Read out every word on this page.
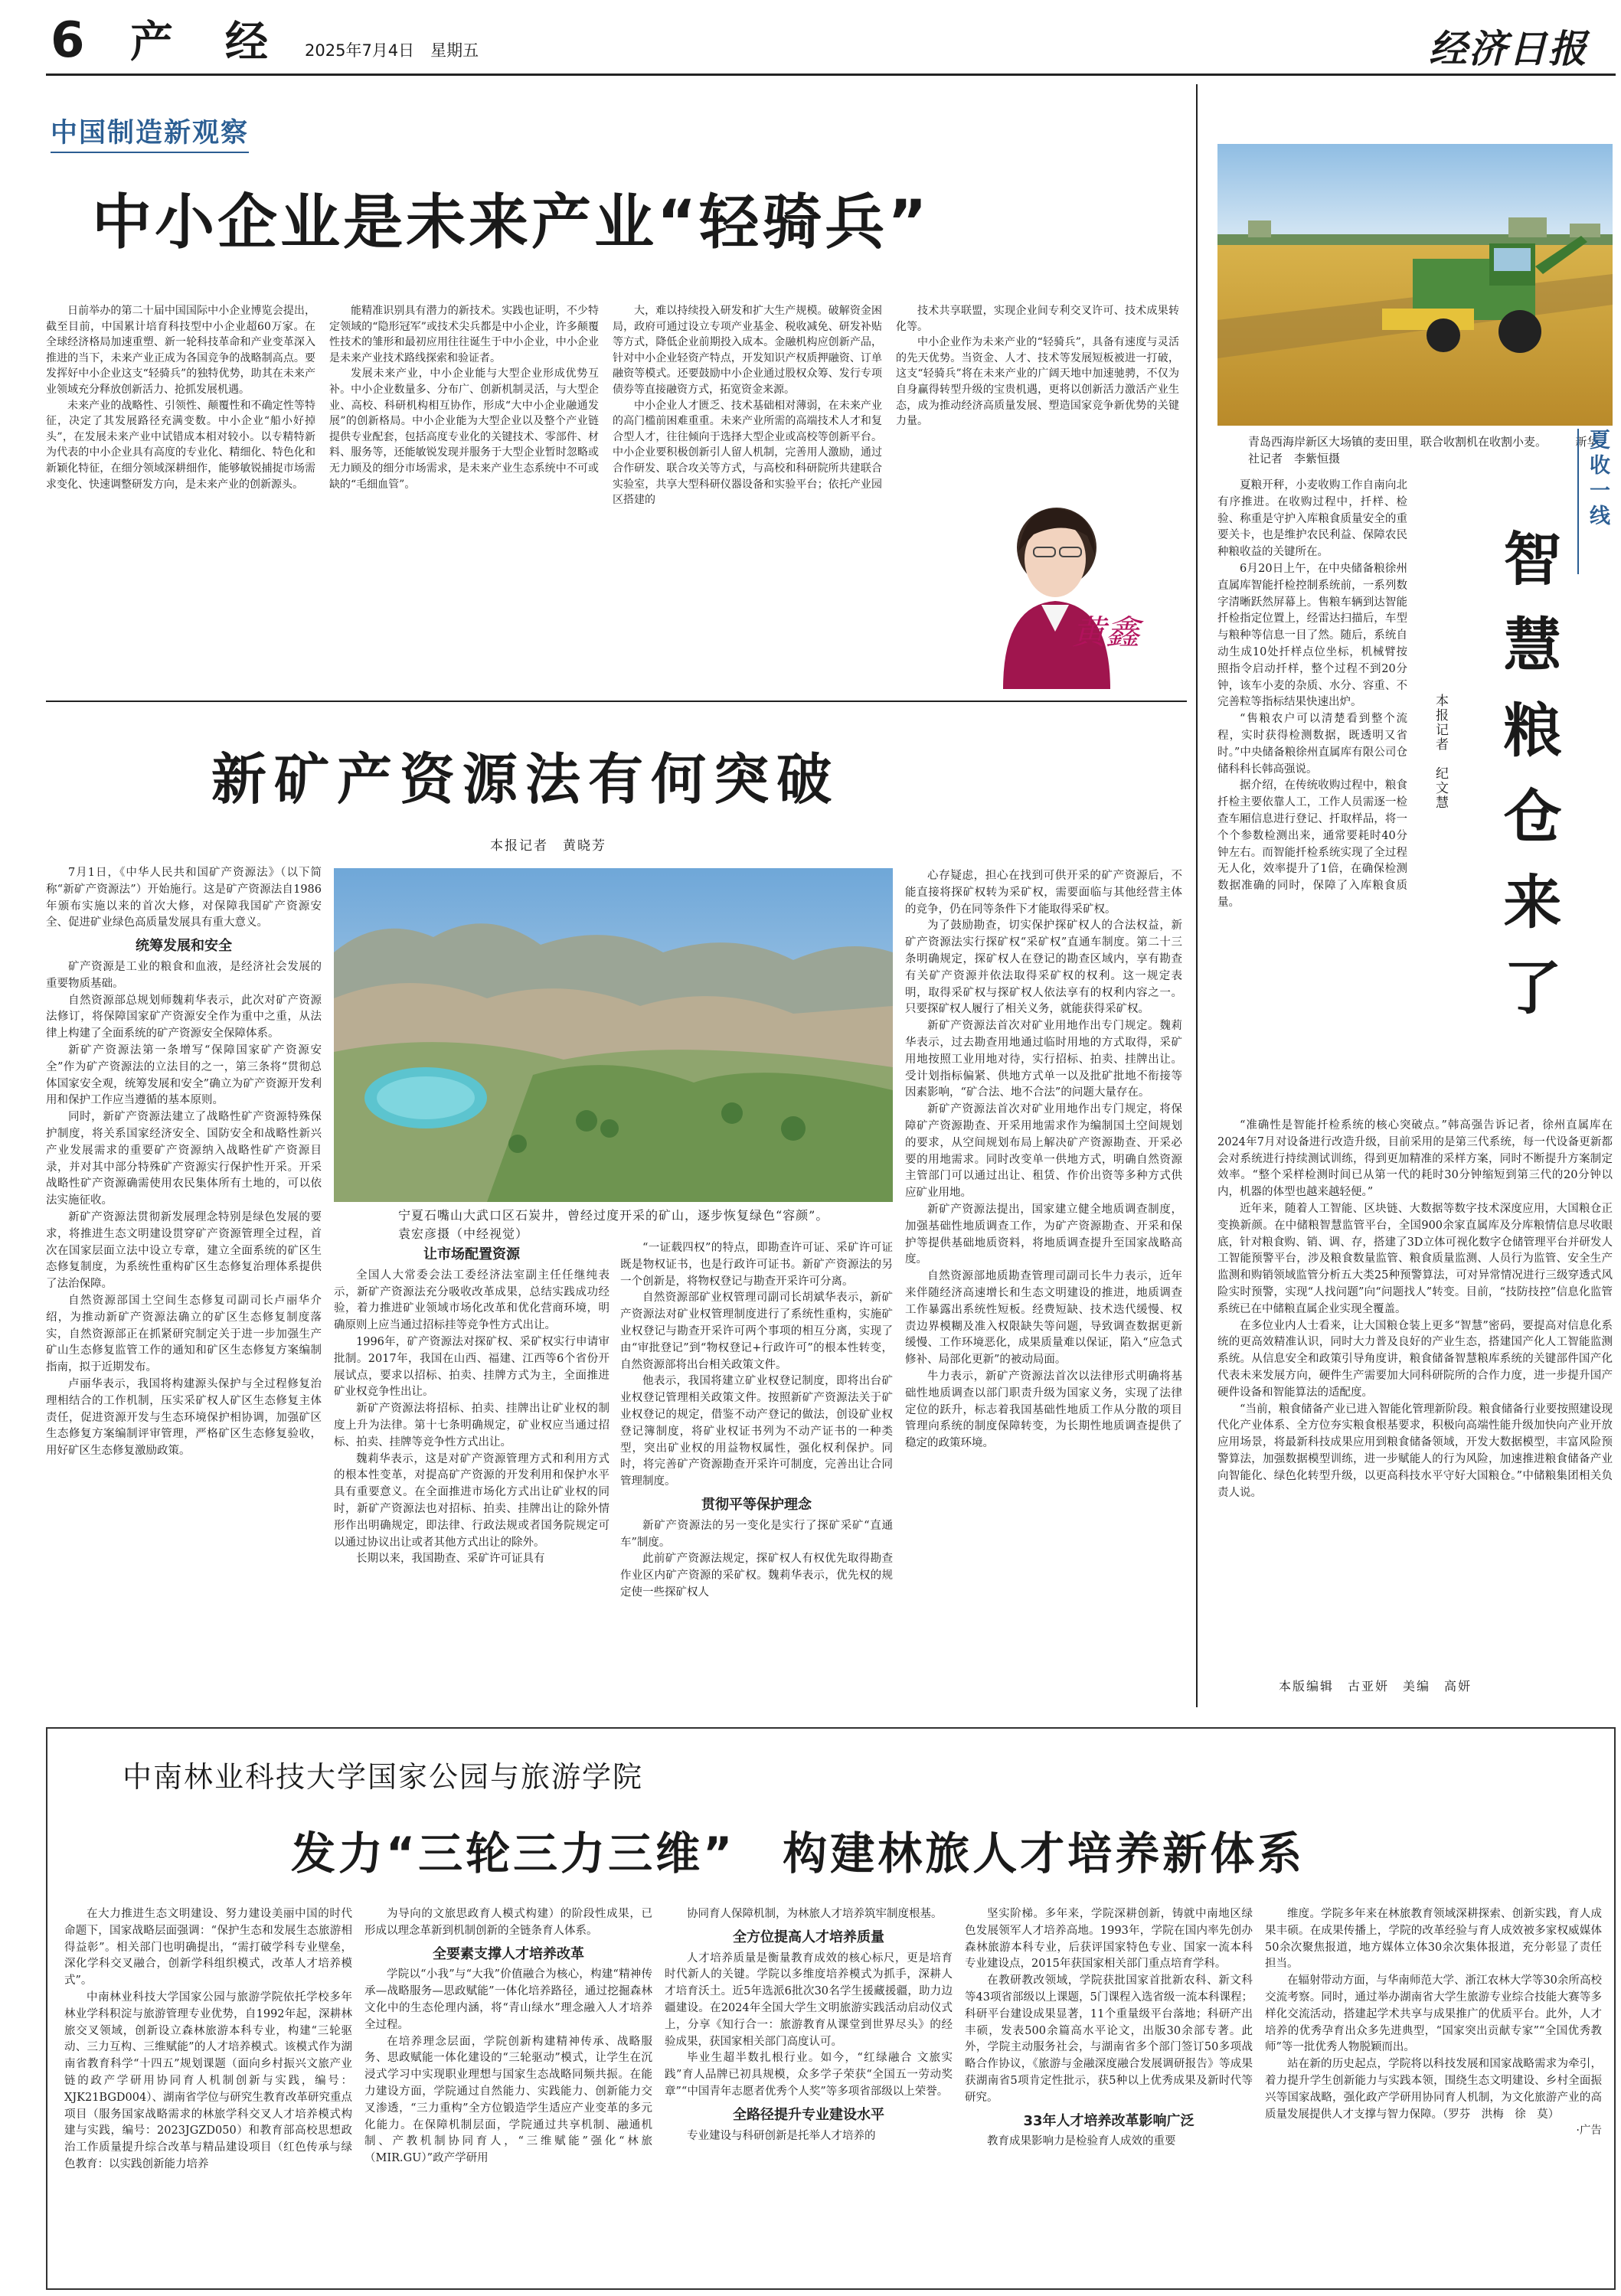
6 产　经 2025年7月4日　星期五	经济日报
中国制造新观察
中小企业是未来产业“轻骑兵”

日前举办的第二十届中国国际中小企业博览会提出，截至目前，中国累计培育科技型中小企业超60万家。在全球经济格局加速重塑、新一轮科技革命和产业变革深入推进的当下，未来产业正成为各国竞争的战略制高点。要发挥好中小企业这支“轻骑兵”的独特优势，助其在未来产业领域充分释放创新活力、抢抓发展机遇。

未来产业的战略性、引领性、颠覆性和不确定性等特征，决定了其发展路径充满变数。中小企业“船小好掉头”，在发展未来产业中试错成本相对较小。以专精特新为代表的中小企业具有高度的专业化、精细化、特色化和新颖化特征，在细分领域深耕细作，能够敏锐捕捉市场需求变化、快速调整研发方向，是未来产业的创新源头。

能精准识别具有潜力的新技术。实践也证明，不少特定领域的“隐形冠军”或技术尖兵都是中小企业，许多颠覆性技术的雏形和最初应用往往诞生于中小企业，中小企业是未来产业技术路线探索和验证者。

发展未来产业，中小企业能与大型企业形成优势互补。中小企业数量多、分布广、创新机制灵活，与大型企业、高校、科研机构相互协作，形成“大中小企业融通发展”的创新格局。中小企业能为大型企业以及整个产业链提供专业配套，包括高度专业化的关键技术、零部件、材料、服务等，还能敏锐发现并服务于大型企业暂时忽略或无力顾及的细分市场需求，是未来产业生态系统中不可或缺的“毛细血管”。

大，难以持续投入研发和扩大生产规模。破解资金困局，政府可通过设立专项产业基金、税收减免、研发补贴等方式，降低企业前期投入成本。金融机构应创新产品，针对中小企业轻资产特点，开发知识产权质押融资、订单融资等模式。还要鼓励中小企业通过股权众筹、发行专项债券等直接融资方式，拓宽资金来源。

中小企业人才匮乏、技术基础相对薄弱，在未来产业的高门槛前困难重重。未来产业所需的高端技术人才和复合型人才，往往倾向于选择大型企业或高校等创新平台。中小企业要积极创新引人留人机制，完善用人激励，通过合作研发、联合攻关等方式，与高校和科研院所共建联合实验室，共享大型科研仪器设备和实验平台；依托产业园区搭建的

技术共享联盟，实现企业间专利交叉许可、技术成果转化等。

中小企业作为未来产业的“轻骑兵”，具备有速度与灵活的先天优势。当资金、人才、技术等发展短板被进一打破，这支“轻骑兵”将在未来产业的广阔天地中加速驰骋，不仅为自身赢得转型升级的宝贵机遇，更将以创新活力激活产业生态，成为推动经济高质量发展、塑造国家竞争新优势的关键力量。

黄鑫
青岛西海岸新区大场镇的麦田里，联合收割机在收割小麦。　　　新华社记者　李紫恒摄	夏收一线
智慧粮仓来了
本报记者　纪文慧

夏粮开秤，小麦收购工作自南向北有序推进。在收购过程中，扦样、检验、称重是守护入库粮食质量安全的重要关卡，也是维护农民利益、保障农民种粮收益的关键所在。

6月20日上午，在中央储备粮徐州直属库智能扦检控制系统前，一系列数字清晰跃然屏幕上。售粮车辆到达智能扦检指定位置上，经雷达扫描后，车型与粮种等信息一目了然。随后，系统自动生成10处扦样点位坐标，机械臂按照指令启动扦样，整个过程不到20分钟，该车小麦的杂质、水分、容重、不完善粒等指标结果快速出炉。

“售粮农户可以清楚看到整个流程，实时获得检测数据，既透明又省时。”中央储备粮徐州直属库有限公司仓储科科长韩高强说。

据介绍，在传统收购过程中，粮食扦检主要依靠人工，工作人员需逐一检查车厢信息进行登记、扦取样品，将一个个参数检测出来，通常要耗时40分钟左右。而智能扦检系统实现了全过程无人化，效率提升了1倍，在确保检测数据准确的同时，保障了入库粮食质量。

“准确性是智能扦检系统的核心突破点。”韩高强告诉记者，徐州直属库在2024年7月对设备进行改造升级，目前采用的是第三代系统，每一代设备更新都会对系统进行持续测试训练，得到更加精准的采样方案，同时不断提升方案制定效率。“整个采样检测时间已从第一代的耗时30分钟缩短到第三代的20分钟以内，机器的体型也越来越轻便。”

近年来，随着人工智能、区块链、大数据等数字技术深度应用，大国粮仓正变换新颜。在中储粮智慧监管平台，全国900余家直属库及分库粮情信息尽收眼底，针对粮食购、销、调、存，搭建了3D立体可视化数字仓储管理平台并研发人工智能预警平台，涉及粮食数量监管、粮食质量监测、人员行为监管、安全生产监测和购销领域监管分析五大类25种预警算法，可对异常情况进行三级穿透式风险实时预警，实现“人找问题”向“问题找人”转变。目前，“技防技控”信息化监管系统已在中储粮直属企业实现全覆盖。

在多位业内人士看来，让大国粮仓装上更多“智慧”密码，要提高对信息化系统的更高效精准认识，同时大力普及良好的产业生态，搭建国产化人工智能监测系统。从信息安全和政策引导角度讲，粮食储备智慧粮库系统的关键部件国产化代表未来发展方向，硬件生产需要加大同科研院所的合作力度，进一步提升国产硬件设备和智能算法的适配度。

“当前，粮食储备产业已进入智能化管理新阶段。粮食储备行业要按照建设现代化产业体系、全方位夯实粮食根基要求，积极向高端性能升级加快向产业开放应用场景，将最新科技成果应用到粮食储备领域，开发大数据模型，丰富风险预警算法，加强数据模型训练，进一步赋能人的行为风险，加速推进粮食储备产业向智能化、绿色化转型升级，以更高科技水平守好大国粮仓。”中储粮集团相关负责人说。

本版编辑　古亚妍　美编　高妍
新矿产资源法有何突破
本报记者　黄晓芳

7月1日，《中华人民共和国矿产资源法》（以下简称“新矿产资源法”）开始施行。这是矿产资源法自1986年颁布实施以来的首次大修，对保障我国矿产资源安全、促进矿业绿色高质量发展具有重大意义。

统筹发展和安全

矿产资源是工业的粮食和血液，是经济社会发展的重要物质基础。

自然资源部总规划师魏莉华表示，此次对矿产资源法修订，将保障国家矿产资源安全作为重中之重，从法律上构建了全面系统的矿产资源安全保障体系。

新矿产资源法第一条增写“保障国家矿产资源安全”作为矿产资源法的立法目的之一，第三条将“贯彻总体国家安全观，统筹发展和安全”确立为矿产资源开发利用和保护工作应当遵循的基本原则。

同时，新矿产资源法建立了战略性矿产资源特殊保护制度，将关系国家经济安全、国防安全和战略性新兴产业发展需求的重要矿产资源纳入战略性矿产资源目录，并对其中部分特殊矿产资源实行保护性开采。开采战略性矿产资源确需使用农民集体所有土地的，可以依法实施征收。

新矿产资源法贯彻新发展理念特别是绿色发展的要求，将推进生态文明建设贯穿矿产资源管理全过程，首次在国家层面立法中设立专章，建立全面系统的矿区生态修复制度，为系统性重构矿区生态修复治理体系提供了法治保障。

自然资源部国土空间生态修复司副司长卢丽华介绍，为推动新矿产资源法确立的矿区生态修复制度落实，自然资源部正在抓紧研究制定关于进一步加强生产矿山生态修复监管工作的通知和矿区生态修复方案编制指南，拟于近期发布。

卢丽华表示，我国将构建源头保护与全过程修复治理相结合的工作机制，压实采矿权人矿区生态修复主体责任，促进资源开发与生态环境保护相协调，加强矿区生态修复方案编制评审管理，严格矿区生态修复验收，用好矿区生态修复激励政策。

宁夏石嘴山大武口区石炭井，曾经过度开采的矿山，逐步恢复绿色“容颜”。　　袁宏彦摄（中经视觉）
让市场配置资源

全国人大常委会法工委经济法室副主任任继纯表示，新矿产资源法充分吸收改革成果，总结实践成功经验，着力推进矿业领域市场化改革和优化营商环境，明确原则上应当通过招标挂等竞争性方式出让。

1996年，矿产资源法对探矿权、采矿权实行申请审批制。2017年，我国在山西、福建、江西等6个省份开展试点，要求以招标、拍卖、挂牌方式为主，全面推进矿业权竞争性出让。

新矿产资源法将招标、拍卖、挂牌出让矿业权的制度上升为法律。第十七条明确规定，矿业权应当通过招标、拍卖、挂牌等竞争性方式出让。

魏莉华表示，这是对矿产资源管理方式和利用方式的根本性变革，对提高矿产资源的开发利用和保护水平具有重要意义。在全面推进市场化方式出让矿业权的同时，新矿产资源法也对招标、拍卖、挂牌出让的除外情形作出明确规定，即法律、行政法规或者国务院规定可以通过协议出让或者其他方式出让的除外。

长期以来，我国勘查、采矿许可证具有

“一证载四权”的特点，即勘查许可证、采矿许可证既是物权证书，也是行政许可证书。新矿产资源法的另一个创新是，将物权登记与勘查开采许可分离。

自然资源部矿业权管理司副司长胡斌华表示，新矿产资源法对矿业权管理制度进行了系统性重构，实施矿业权登记与勘查开采许可两个事项的相互分离，实现了由“审批登记”到“物权登记+行政许可”的根本性转变，自然资源部将出台相关政策文件。

他表示，我国将建立矿业权登记制度，即将出台矿业权登记管理相关政策文件。按照新矿产资源法关于矿业权登记的规定，借鉴不动产登记的做法，创设矿业权登记簿制度，将矿业权证书列为不动产证书的一种类型，突出矿业权的用益物权属性，强化权利保护。同时，将完善矿产资源勘查开采许可制度，完善出让合同管理制度。

贯彻平等保护理念

新矿产资源法的另一变化是实行了探矿采矿“直通车”制度。

此前矿产资源法规定，探矿权人有权优先取得勘查作业区内矿产资源的采矿权。魏莉华表示，优先权的规定使一些探矿权人

心存疑虑，担心在找到可供开采的矿产资源后，不能直接将探矿权转为采矿权，需要面临与其他经营主体的竞争，仍在同等条件下才能取得采矿权。

为了鼓励勘查，切实保护探矿权人的合法权益，新矿产资源法实行探矿权“采矿权”直通车制度。第二十三条明确规定，探矿权人在登记的勘查区域内，享有勘查有关矿产资源并依法取得采矿权的权利。这一规定表明，取得采矿权与探矿权人依法享有的权利内容之一。只要探矿权人履行了相关义务，就能获得采矿权。

新矿产资源法首次对矿业用地作出专门规定。魏莉华表示，过去勘查用地通过临时用地的方式取得，采矿用地按照工业用地对待，实行招标、拍卖、挂牌出让。受计划指标偏紧、供地方式单一以及批矿批地不衔接等因素影响，“矿合法、地不合法”的问题大量存在。

新矿产资源法首次对矿业用地作出专门规定，将保障矿产资源勘查、开采用地需求作为编制国土空间规划的要求，从空间规划布局上解决矿产资源勘查、开采必要的用地需求。同时改变单一供地方式，明确自然资源主管部门可以通过出让、租赁、作价出资等多种方式供应矿业用地。

新矿产资源法提出，国家建立健全地质调查制度，加强基础性地质调查工作，为矿产资源勘查、开采和保护等提供基础地质资料，将地质调查提升至国家战略高度。

自然资源部地质勘查管理司副司长牛力表示，近年来伴随经济高速增长和生态文明建设的推进，地质调查工作暴露出系统性短板。经费短缺、技术迭代缓慢、权责边界模糊及准入权限缺失等问题，导致调查数据更新缓慢、工作环境恶化，成果质量难以保证，陷入“应急式修补、局部化更新”的被动局面。

牛力表示，新矿产资源法首次以法律形式明确将基础性地质调查以部门职责升级为国家义务，实现了法律定位的跃升，标志着我国基础性地质工作从分散的项目管理向系统的制度保障转变，为长期性地质调查提供了稳定的政策环境。

中南林业科技大学国家公园与旅游学院
发力“三轮三力三维”　构建林旅人才培养新体系

在大力推进生态文明建设、努力建设美丽中国的时代命题下，国家战略层面强调：“保护生态和发展生态旅游相得益彰”。相关部门也明确提出，“需打破学科专业壁垒，深化学科交叉融合，创新学科组织模式，改革人才培养模式”。

中南林业科技大学国家公园与旅游学院依托学校多年林业学科积淀与旅游管理专业优势，自1992年起，深耕林旅交叉领域，创新设立森林旅游本科专业，构建“三轮驱动、三力互构、三维赋能”的人才培养模式。该模式作为湖南省教育科学“十四五”规划课题（面向乡村振兴文旅产业链的政产学研用协同育人机制创新与实践，编号：XJK21BGD004）、湖南省学位与研究生教育改革研究重点项目（服务国家战略需求的林旅学科交叉人才培养模式构建与实践，编号：2023JGZD050）和教育部高校思想政治工作质量提升综合改革与精品建设项目（红色传承与绿色教育：以实践创新能力培养

为导向的文旅思政育人模式构建）的阶段性成果，已形成以理念革新到机制创新的全链条育人体系。

全要素支撑人才培养改革

学院以“小我”与“大我”价值融合为核心，构建“精神传承—战略服务—思政赋能”一体化培养路径，通过挖掘森林文化中的生态伦理内涵，将“青山绿水”理念融入人才培养全过程。

在培养理念层面，学院创新构建精神传承、战略服务、思政赋能一体化建设的“三轮驱动”模式，让学生在沉浸式学习中实现职业理想与国家生态战略同频共振。在能力建设方面，学院通过自然能力、实践能力、创新能力交叉渗透，“三力重构”全方位锻造学生适应产业变革的多元化能力。在保障机制层面，学院通过共享机制、融通机制、产教机制协同育人，“三维赋能”强化“林旅（MIR.GU）”政产学研用

协同育人保障机制，为林旅人才培养筑牢制度根基。

全方位提高人才培养质量

人才培养质量是衡量教育成效的核心标尺，更是培育时代新人的关键。学院以多维度培养模式为抓手，深耕人才培育沃土。近5年选派6批次30名学生援藏援疆，助力边疆建设。在2024年全国大学生文明旅游实践活动启动仪式上，分享《知行合一：旅游教育从课堂到世界尽头》的经验成果，获国家相关部门高度认可。

毕业生超半数扎根行业。如今，“红绿融合 文旅实践”育人品牌已初具规模，众多学子荣获“全国五一劳动奖章”“中国青年志愿者优秀个人奖”等多项省部级以上荣誉。

全路径提升专业建设水平

专业建设与科研创新是托举人才培养的

坚实阶梯。多年来，学院深耕创新，铸就中南地区绿色发展领军人才培养高地。1993年，学院在国内率先创办森林旅游本科专业，后获评国家特色专业、国家一流本科专业建设点，2015年获国家相关部门重点培育学科。

在教研教改领域，学院获批国家首批新农科、新文科等43项省部级以上课题，5门课程入选省级一流本科课程；科研平台建设成果显著，11个重量级平台落地；科研产出丰硕，发表500余篇高水平论文，出版30余部专著。此外，学院主动服务社会，与湖南省多个部门签订50多项战略合作协议，《旅游与金融深度融合发展调研报告》等成果获湖南省5项肯定性批示，获5种以上优秀成果及新时代等研究。

33年人才培养改革影响广泛

教育成果影响力是检验育人成效的重要

维度。学院多年来在林旅教育领域深耕探索、创新实践，育人成果丰硕。在成果传播上，学院的改革经验与育人成效被多家权威媒体50余次聚焦报道，地方媒体立体30余次集体报道，充分彰显了责任担当。

在辐射带动方面，与华南师范大学、浙江农林大学等30余所高校交流考察。同时，通过举办湖南省大学生旅游专业综合技能大赛等多样化交流活动，搭建起学术共享与成果推广的优质平台。此外，人才培养的优秀孕育出众多先进典型，“国家突出贡献专家”“全国优秀教师”等一批优秀人物脱颖而出。

站在新的历史起点，学院将以科技发展和国家战略需求为牵引，着力提升学生创新能力与实践本领，围绕生态文明建设、乡村全面振兴等国家战略，强化政产学研用协同育人机制，为文化旅游产业的高质量发展提供人才支撑与智力保障。（罗芬　洪梅　徐　莫）

·广告
